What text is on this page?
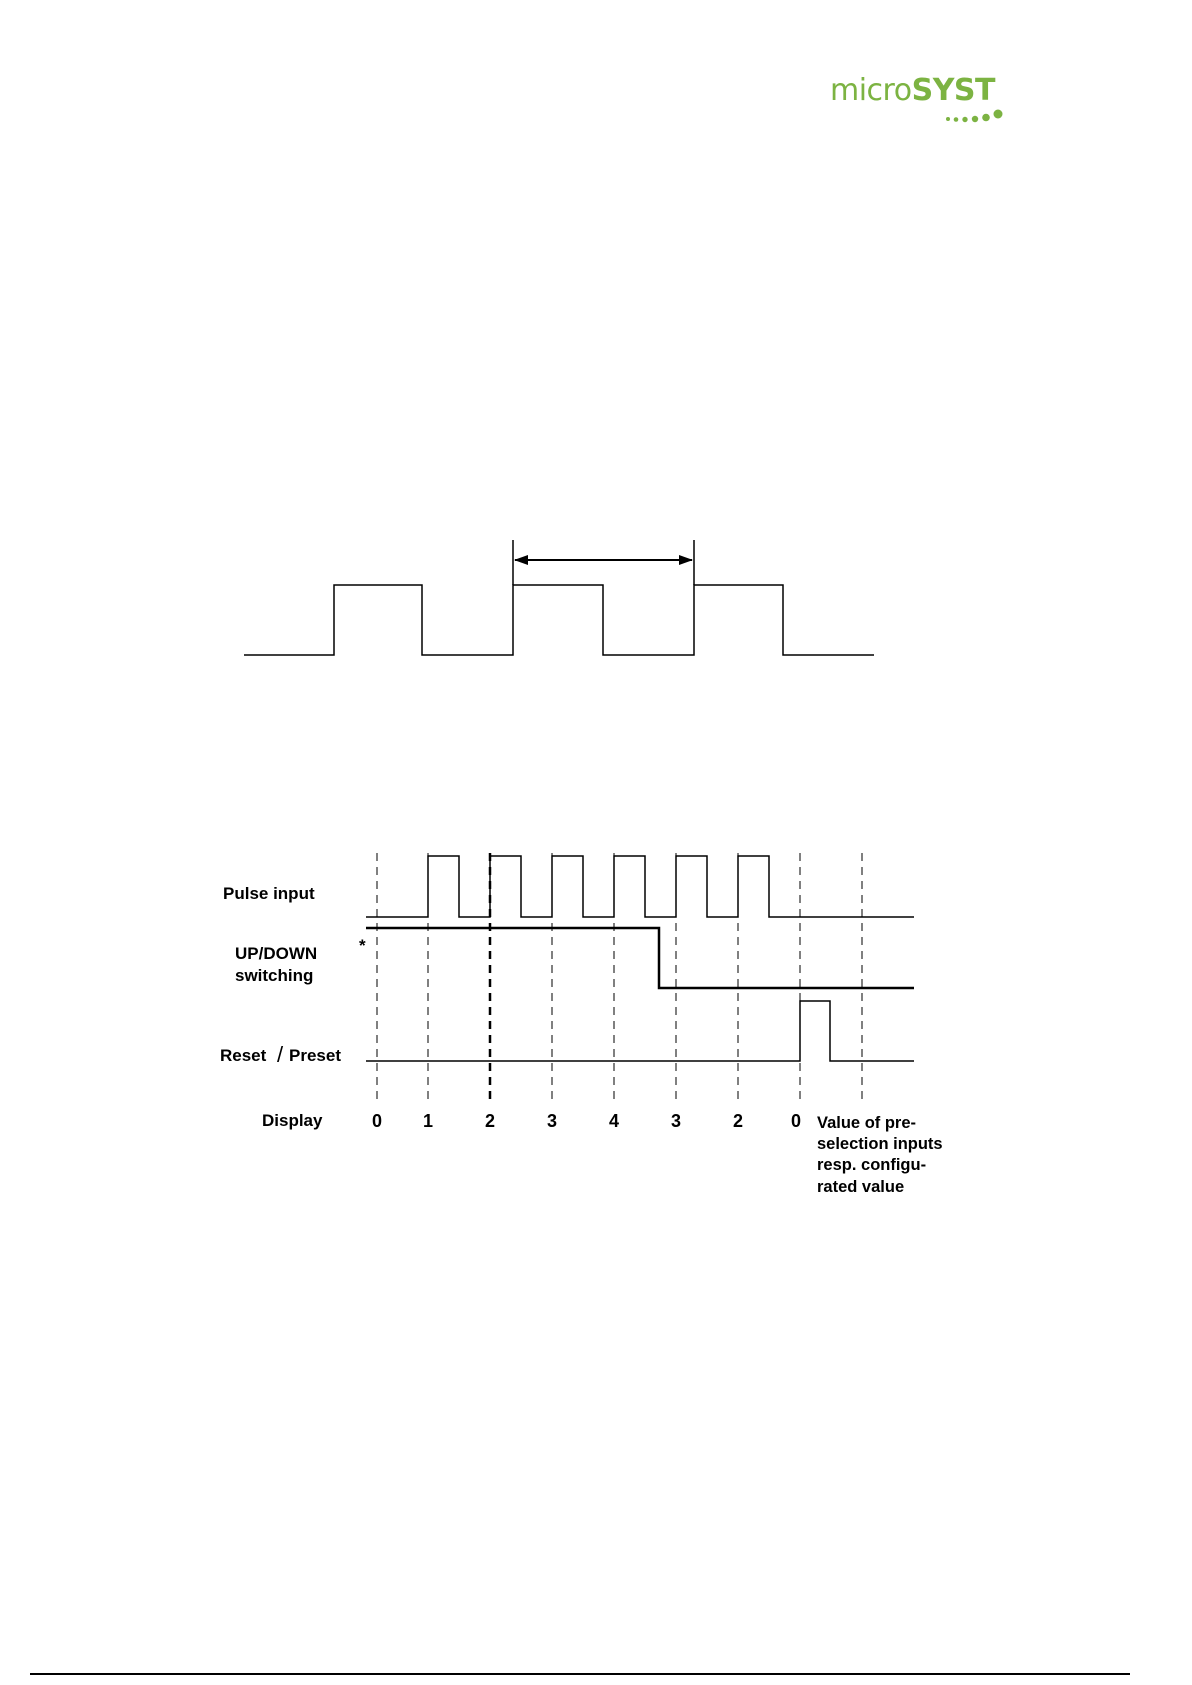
microSYST
Pulse input
UP/DOWN *
switching
Reset / Preset
Display	0 1	2	3	4	3	2	0 Value of pre-
selection inputs
resp. configu-
rated value
